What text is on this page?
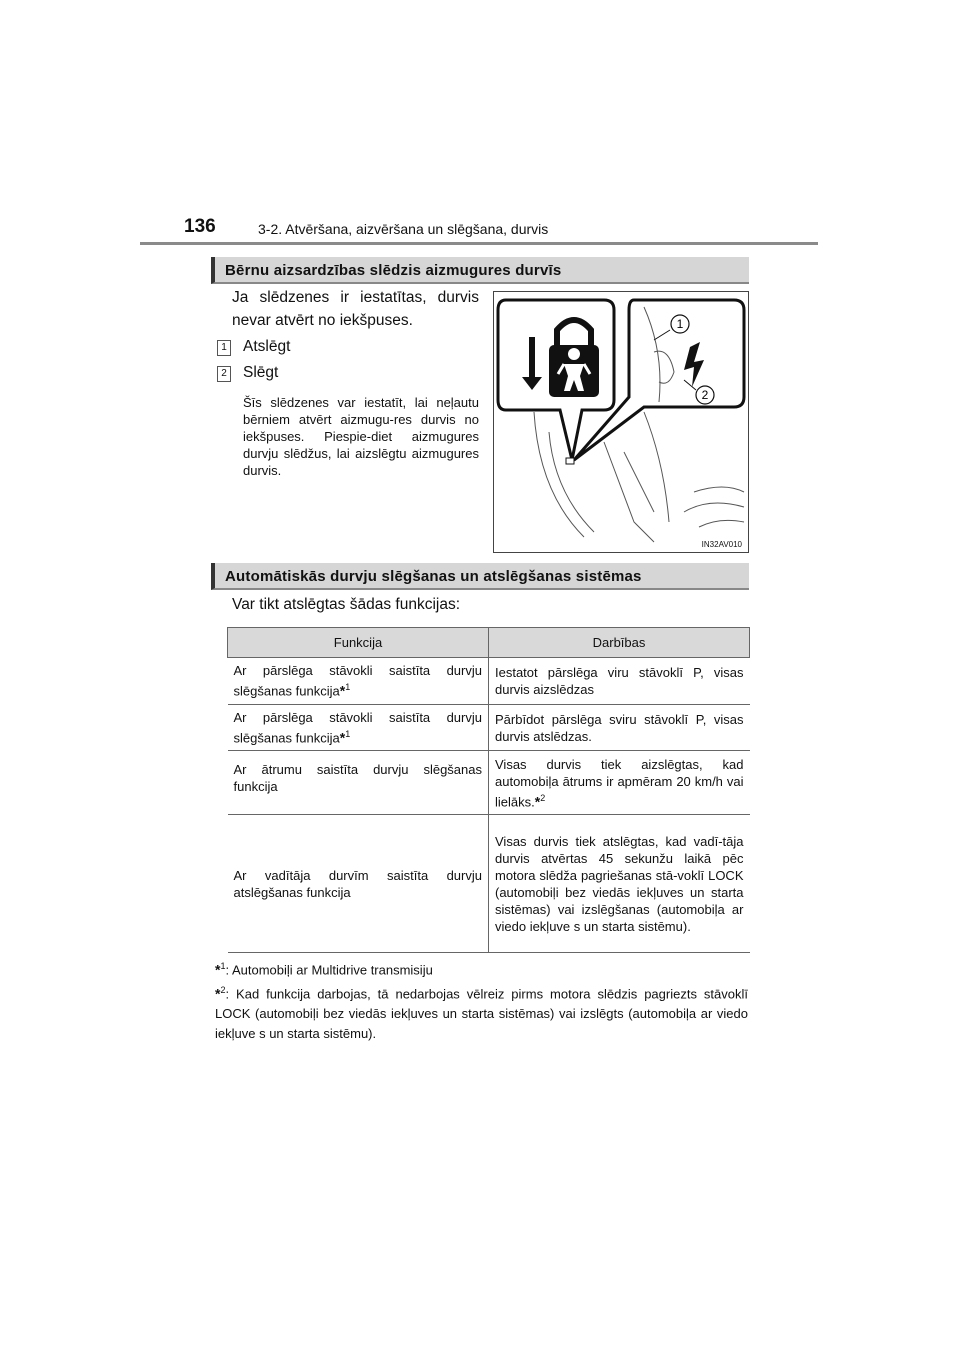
136	3-2. Atvēršana, aizvēršana un slēgšana, durvis
Bērnu aizsardzības slēdzis aizmugures durvīs
Ja slēdzenes ir iestatītas, durvis nevar atvērt no iekšpuses.
1 Atslēgt
2 Slēgt
Šīs slēdzenes var iestatīt, lai neļautu bērniem atvērt aizmugu-res durvis no iekšpuses. Piespie-diet aizmugures durvju slēdžus, lai aizslēgtu aizmugures durvis.
1
2
IN32AV010
Automātiskās durvju slēgšanas un atslēgšanas sistēmas
Var tikt atslēgtas šādas funkcijas:
Funkcija	Darbības
Ar pārslēga stāvokli saistīta durvju slēgšanas funkcija*$^1$	Iestatot pārslēga viru stāvoklī P, visas durvis aizslēdzas
Ar pārslēga stāvokli saistīta durvju slēgšanas funkcija*$^1$	Pārbīdot pārslēga sviru stāvoklī P, visas durvis atslēdzas.
Ar ātrumu saistīta durvju slēgšanas funkcija	Visas durvis tiek aizslēgtas, kad automobiļa ātrums ir apmēram 20 km/h vai lielāks.*$^2$
Ar vadītāja durvīm saistīta durvju atslēgšanas funkcija	Visas durvis tiek atslēgtas, kad vadī-tāja durvis atvērtas 45 sekunžu laikā pēc motora slēdža pagriešanas stā-voklī LOCK (automobiļi bez viedās iekļuves un starta sistēmas) vai izslēgšanas (automobiļa ar viedo iekļuve s un starta sistēmu).
*$^1$: Automobiļi ar Multidrive transmisiju
*$^2$: Kad funkcija darbojas, tā nedarbojas vēlreiz pirms motora slēdzis pagriezts stāvoklī LOCK (automobiļi bez viedās iekļuves un starta sistēmas) vai izslēgts (automobiļa ar viedo iekļuve s un starta sistēmu).
